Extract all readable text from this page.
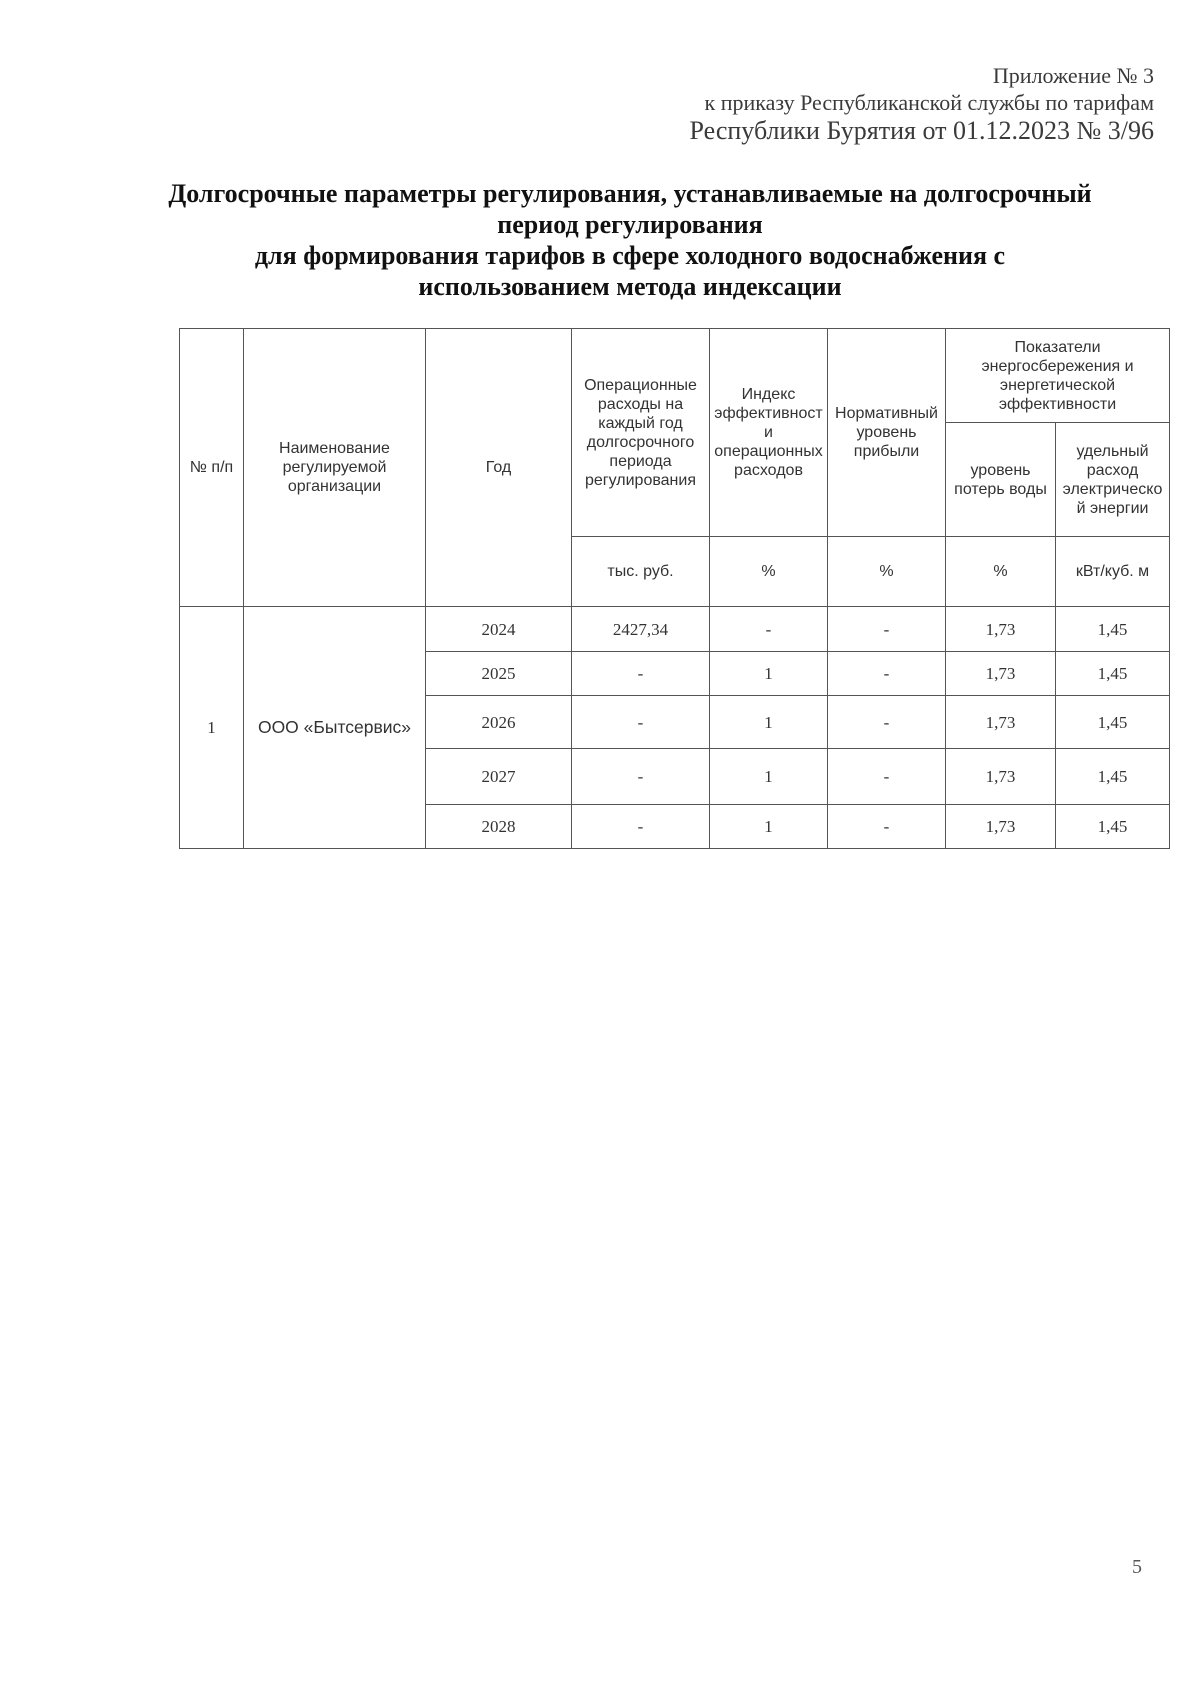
Приложение № 3
к приказу Республиканской службы по тарифам
Республики Бурятия от 01.12.2023 № 3/96
Долгосрочные параметры регулирования, устанавливаемые на долгосрочный
период регулирования
для формирования тарифов в сфере холодного водоснабжения с
использованием метода индексации
№ п/п	Наименование регулируемой организации	Год	Операционные расходы на каждый год долгосрочного периода регулирования	Индекс эффективности операционных расходов	Нормативный уровень прибыли	Показатели энергосбережения и энергетической эффективности	
						уровень потерь воды	удельный расход электрической энергии
			тыс. руб.	%	%	%	кВт/куб. м
1	ООО «Бытсервис»	2024	2427,34	-	-	1,73	1,45
		2025	-	1	-	1,73	1,45
		2026	-	1	-	1,73	1,45
		2027	-	1	-	1,73	1,45
		2028	-	1	-	1,73	1,45
5
